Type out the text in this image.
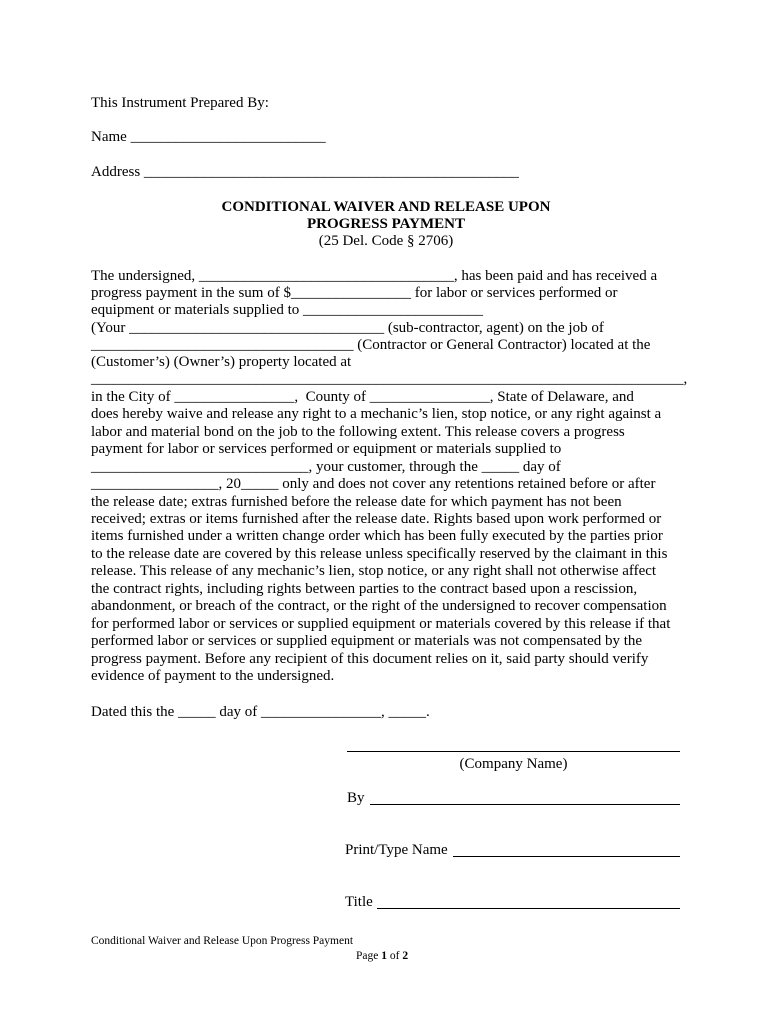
This Instrument Prepared By:
Name __________________________
Address __________________________________________________
CONDITIONAL WAIVER AND RELEASE UPON
PROGRESS PAYMENT
(25 Del. Code § 2706)
The undersigned, __________________________________, has been paid and has received a
progress payment in the sum of $________________ for labor or services performed or
equipment or materials supplied to ________________________
(Your __________________________________ (sub-contractor, agent) on the job of
___________________________________ (Contractor or General Contractor) located at the
(Customer’s) (Owner’s) property located at
_______________________________________________________________________________,
in the City of ________________,  County of ________________, State of Delaware, and
does hereby waive and release any right to a mechanic’s lien, stop notice, or any right against a
labor and material bond on the job to the following extent. This release covers a progress
payment for labor or services performed or equipment or materials supplied to
_____________________________, your customer, through the _____ day of
_________________, 20_____ only and does not cover any retentions retained before or after
the release date; extras furnished before the release date for which payment has not been
received; extras or items furnished after the release date. Rights based upon work performed or
items furnished under a written change order which has been fully executed by the parties prior
to the release date are covered by this release unless specifically reserved by the claimant in this
release. This release of any mechanic’s lien, stop notice, or any right shall not otherwise affect
the contract rights, including rights between parties to the contract based upon a rescission,
abandonment, or breach of the contract, or the right of the undersigned to recover compensation
for performed labor or services or supplied equipment or materials covered by this release if that
performed labor or services or supplied equipment or materials was not compensated by the
progress payment. Before any recipient of this document relies on it, said party should verify
evidence of payment to the undersigned.
Dated this the _____ day of ________________, _____.
(Company Name)
By
Print/Type Name
Title
Conditional Waiver and Release Upon Progress Payment
Page 1 of 2
